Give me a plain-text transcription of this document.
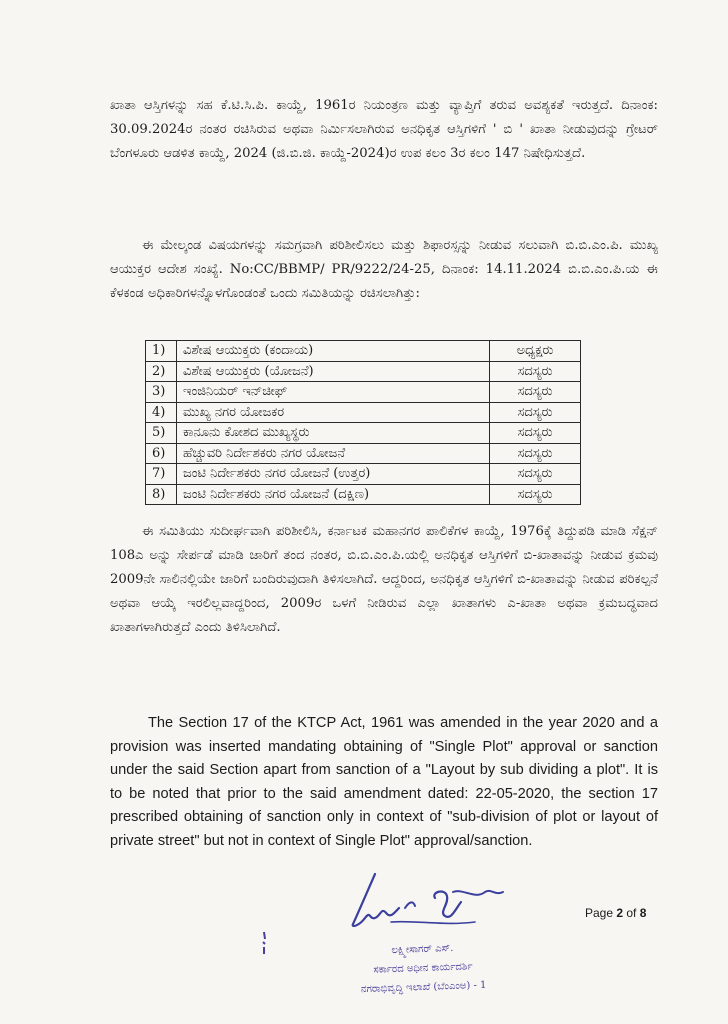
ಖಾತಾ ಆಸ್ತಿಗಳನ್ನು ಸಹ ಕೆ.ಟಿ.ಸಿ.ಪಿ. ಕಾಯ್ದೆ, 1961ರ ನಿಯಂತ್ರಣ ಮತ್ತು ವ್ಯಾಪ್ತಿಗೆ ತರುವ ಅವಶ್ಯಕತೆ ಇರುತ್ತದೆ. ದಿನಾಂಕ: 30.09.2024ರ ನಂತರ ರಚಿಸಿರುವ ಅಥವಾ ನಿರ್ಮಿಸಲಾಗಿರುವ ಅನಧಿಕೃತ ಆಸ್ತಿಗಳಿಗೆ ' ಬಿ ' ಖಾತಾ ನೀಡುವುದನ್ನು ಗ್ರೇಟರ್ ಬೆಂಗಳೂರು ಆಡಳಿತ ಕಾಯ್ದೆ, 2024 (ಜಿ.ಬಿ.ಜಿ. ಕಾಯ್ದೆ-2024)ರ ಉಪ ಕಲಂ 3ರ ಕಲಂ 147 ನಿಷೇಧಿಸುತ್ತದೆ.

ಈ ಮೇಲ್ಕಂಡ ವಿಷಯಗಳನ್ನು ಸಮಗ್ರವಾಗಿ ಪರಿಶೀಲಿಸಲು ಮತ್ತು ಶಿಫಾರಸ್ಸನ್ನು ನೀಡುವ ಸಲುವಾಗಿ ಬಿ.ಬಿ.ಎಂ.ಪಿ. ಮುಖ್ಯ ಆಯುಕ್ತರ ಆದೇಶ ಸಂಖ್ಯೆ. No:CC/BBMP/ PR/9222/24-25, ದಿನಾಂಕ: 14.11.2024 ಬಿ.ಬಿ.ಎಂ.ಪಿ.ಯ ಈ ಕೆಳಕಂಡ ಅಧಿಕಾರಿಗಳನ್ನೊಳಗೊಂಡಂತೆ ಒಂದು ಸಮಿತಿಯನ್ನು ರಚಿಸಲಾಗಿತ್ತು:

1)	ವಿಶೇಷ ಆಯುಕ್ತರು (ಕಂದಾಯ)	ಅಧ್ಯಕ್ಷರು
2)	ವಿಶೇಷ ಆಯುಕ್ತರು (ಯೋಜನೆ)	ಸದಸ್ಯರು
3)	ಇಂಜಿನಿಯರ್ ಇನ್‌ಚೀಫ್	ಸದಸ್ಯರು
4)	ಮುಖ್ಯ ನಗರ ಯೋಜಕರ	ಸದಸ್ಯರು
5)	ಕಾನೂನು ಕೋಶದ ಮುಖ್ಯಸ್ಥರು	ಸದಸ್ಯರು
6)	ಹೆಚ್ಚುವರಿ ನಿರ್ದೇಶಕರು ನಗರ ಯೋಜನೆ	ಸದಸ್ಯರು
7)	ಜಂಟಿ ನಿರ್ದೇಶಕರು ನಗರ ಯೋಜನೆ (ಉತ್ತರ)	ಸದಸ್ಯರು
8)	ಜಂಟಿ ನಿರ್ದೇಶಕರು ನಗರ ಯೋಜನೆ (ದಕ್ಷಿಣ)	ಸದಸ್ಯರು

ಈ ಸಮಿತಿಯು ಸುದೀರ್ಘವಾಗಿ ಪರಿಶೀಲಿಸಿ, ಕರ್ನಾಟಕ ಮಹಾನಗರ ಪಾಲಿಕೆಗಳ ಕಾಯ್ದೆ, 1976ಕ್ಕೆ ತಿದ್ದುಪಡಿ ಮಾಡಿ ಸೆಕ್ಷನ್ 108ಎ ಅನ್ನು ಸೇರ್ಪಡೆ ಮಾಡಿ ಜಾರಿಗೆ ತಂದ ನಂತರ, ಬಿ.ಬಿ.ಎಂ.ಪಿ.ಯಲ್ಲಿ ಅನಧಿಕೃತ ಆಸ್ತಿಗಳಿಗೆ ಬಿ-ಖಾತಾವನ್ನು ನೀಡುವ ಕ್ರಮವು 2009ನೇ ಸಾಲಿನಲ್ಲಿಯೇ ಜಾರಿಗೆ ಬಂದಿರುವುದಾಗಿ ತಿಳಿಸಲಾಗಿದೆ. ಆದ್ದರಿಂದ, ಅನಧಿಕೃತ ಆಸ್ತಿಗಳಿಗೆ ಬಿ-ಖಾತಾವನ್ನು ನೀಡುವ ಪರಿಕಲ್ಪನೆ ಅಥವಾ ಆಯ್ಕೆ ಇರಲಿಲ್ಲವಾದ್ದರಿಂದ, 2009ರ ಒಳಗೆ ನೀಡಿರುವ ಎಲ್ಲಾ ಖಾತಾಗಳು ಎ-ಖಾತಾ ಅಥವಾ ಕ್ರಮಬದ್ಧವಾದ ಖಾತಾಗಳಾಗಿರುತ್ತದೆ ಎಂದು ತಿಳಿಸಿಲಾಗಿದೆ.

The Section 17 of the KTCP Act, 1961 was amended in the year 2020 and a provision was inserted mandating obtaining of "Single Plot" approval or sanction under the said Section apart from sanction of a "Layout by sub dividing a plot". It is to be noted that prior to the said amendment dated: 22-05-2020, the section 17 prescribed obtaining of sanction only in context of "sub-division of plot or layout of private street" but not in context of Single Plot" approval/sanction.

Page 2 of 8
ಲಕ್ಷ್ಮೀಸಾಗರ್ ಎಸ್.
ಸರ್ಕಾರದ ಅಧೀನ ಕಾರ್ಯದರ್ಶಿ
ನಗರಾಭಿವೃದ್ಧಿ ಇಲಾಖೆ (ಬೆಂಎಂಅ) - 1
